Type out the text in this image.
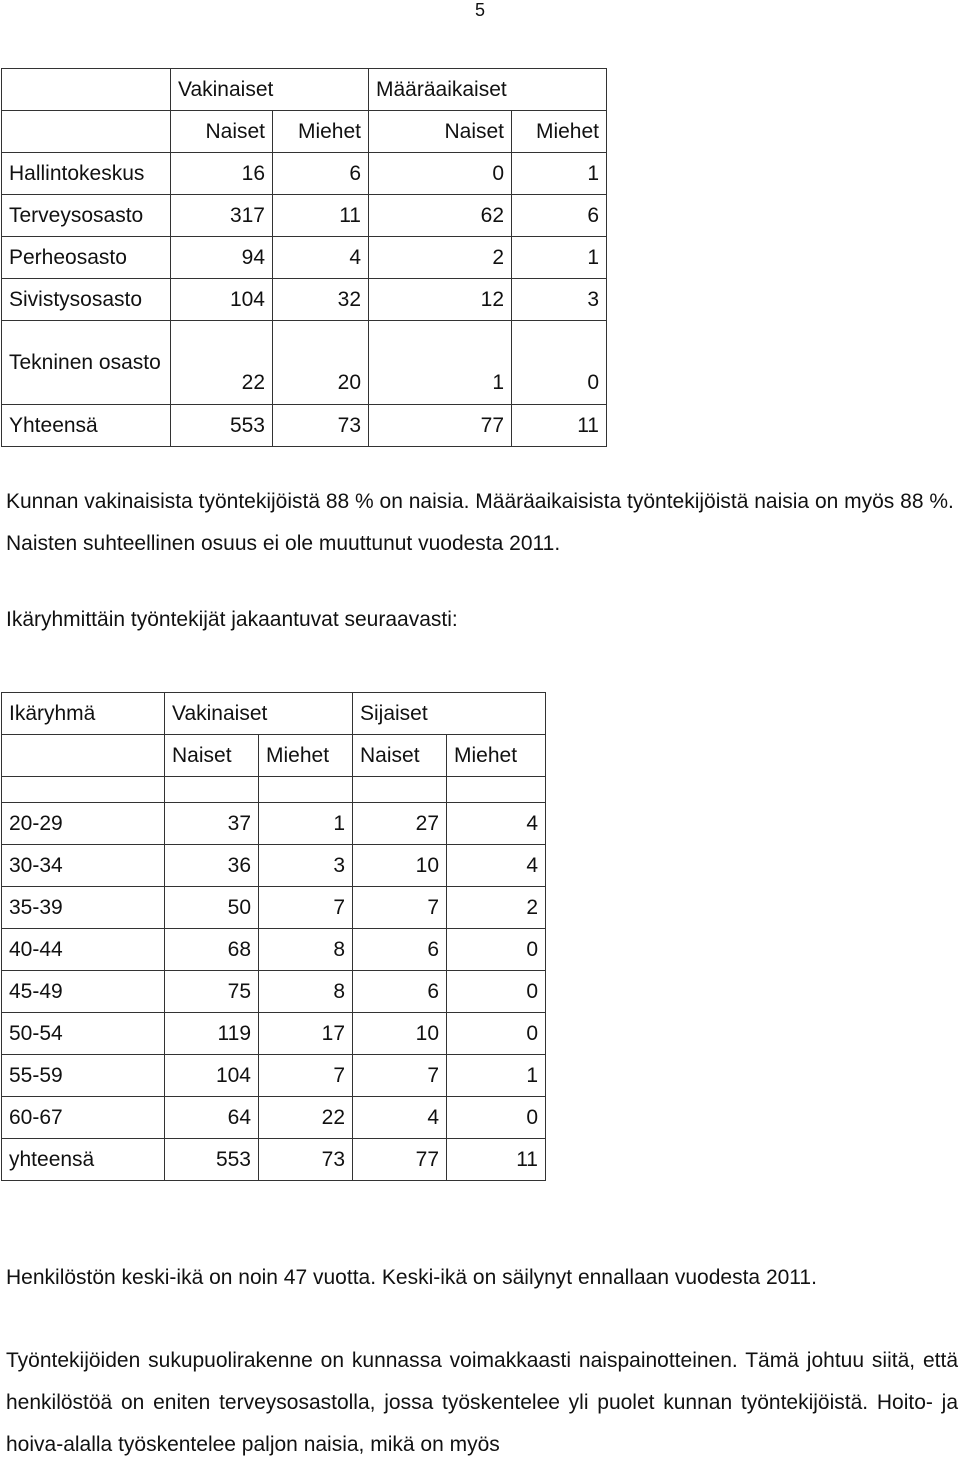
5
	Vakinaiset		Määräaikaiset	
	Naiset	Miehet	Naiset	Miehet
Hallintokeskus	16	6	0	1
Terveysosasto	317	11	62	6
Perheosasto	94	4	2	1
Sivistysosasto	104	32	12	3
Tekninen osasto	22	20	1	0
Yhteensä	553	73	77	11

Kunnan vakinaisista työntekijöistä 88 % on naisia. Määräaikaisista työntekijöistä naisia on myös 88 %. Naisten suhteellinen osuus ei ole muuttunut vuodesta 2011.

Ikäryhmittäin työntekijät jakaantuvat seuraavasti:

Ikäryhmä	Vakinaiset		Sijaiset	
	Naiset	Miehet	Naiset	Miehet

20-29	37	1	27	4
30-34	36	3	10	4
35-39	50	7	7	2
40-44	68	8	6	0
45-49	75	8	6	0
50-54	119	17	10	0
55-59	104	7	7	1
60-67	64	22	4	0
yhteensä	553	73	77	11

Henkilöstön keski-ikä on noin 47 vuotta. Keski-ikä on säilynyt ennallaan vuodesta 2011.

Työntekijöiden sukupuolirakenne on kunnassa voimakkaasti naispainotteinen. Tämä johtuu siitä, että henkilöstöä on eniten terveysosastolla, jossa työskentelee yli puolet kunnan työntekijöistä. Hoito- ja hoiva-alalla työskentelee paljon naisia, mikä on myös
